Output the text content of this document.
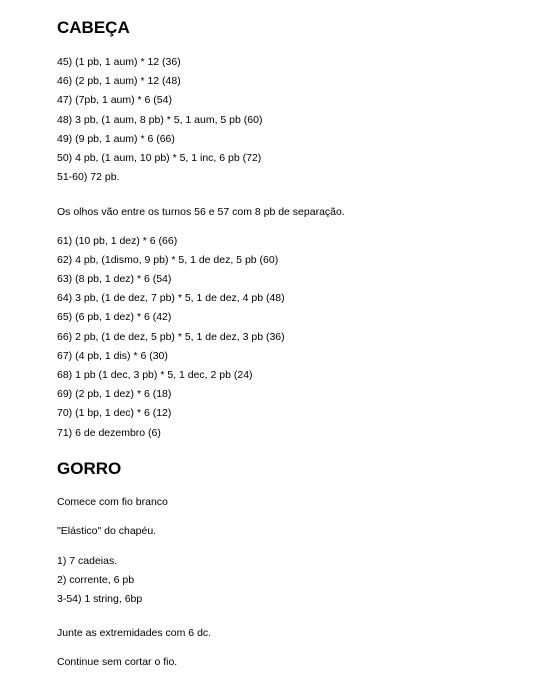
CABEÇA
45) (1 pb, 1 aum) * 12 (36)
46) (2 pb, 1 aum) * 12 (48)
47) (7pb, 1 aum) * 6 (54)
48) 3 pb, (1 aum, 8 pb) * 5, 1 aum, 5 pb (60)
49) (9 pb, 1 aum) * 6 (66)
50) 4 pb, (1 aum, 10 pb) * 5, 1 inc, 6 pb (72)
51-60) 72 pb.
Os olhos vão entre os turnos 56 e 57 com 8 pb de separação.
61) (10 pb, 1 dez) * 6 (66)
62) 4 pb, (1dismo, 9 pb) * 5, 1 de dez, 5 pb (60)
63) (8 pb, 1 dez) * 6 (54)
64) 3 pb, (1 de dez, 7 pb) * 5, 1 de dez, 4 pb (48)
65) (6 pb, 1 dez) * 6 (42)
66) 2 pb, (1 de dez, 5 pb) * 5, 1 de dez, 3 pb (36)
67) (4 pb, 1 dis) * 6 (30)
68) 1 pb (1 dec, 3 pb) * 5, 1 dec, 2 pb (24)
69) (2 pb, 1 dez) * 6 (18)
70) (1 bp, 1 dec) * 6 (12)
71) 6 de dezembro (6)
GORRO
Comece com fio branco
"Elástico" do chapéu.
1) 7 cadeias.
2) corrente, 6 pb
3-54) 1 string, 6bp
Junte as extremidades com 6 dc.
Continue sem cortar o fio.
